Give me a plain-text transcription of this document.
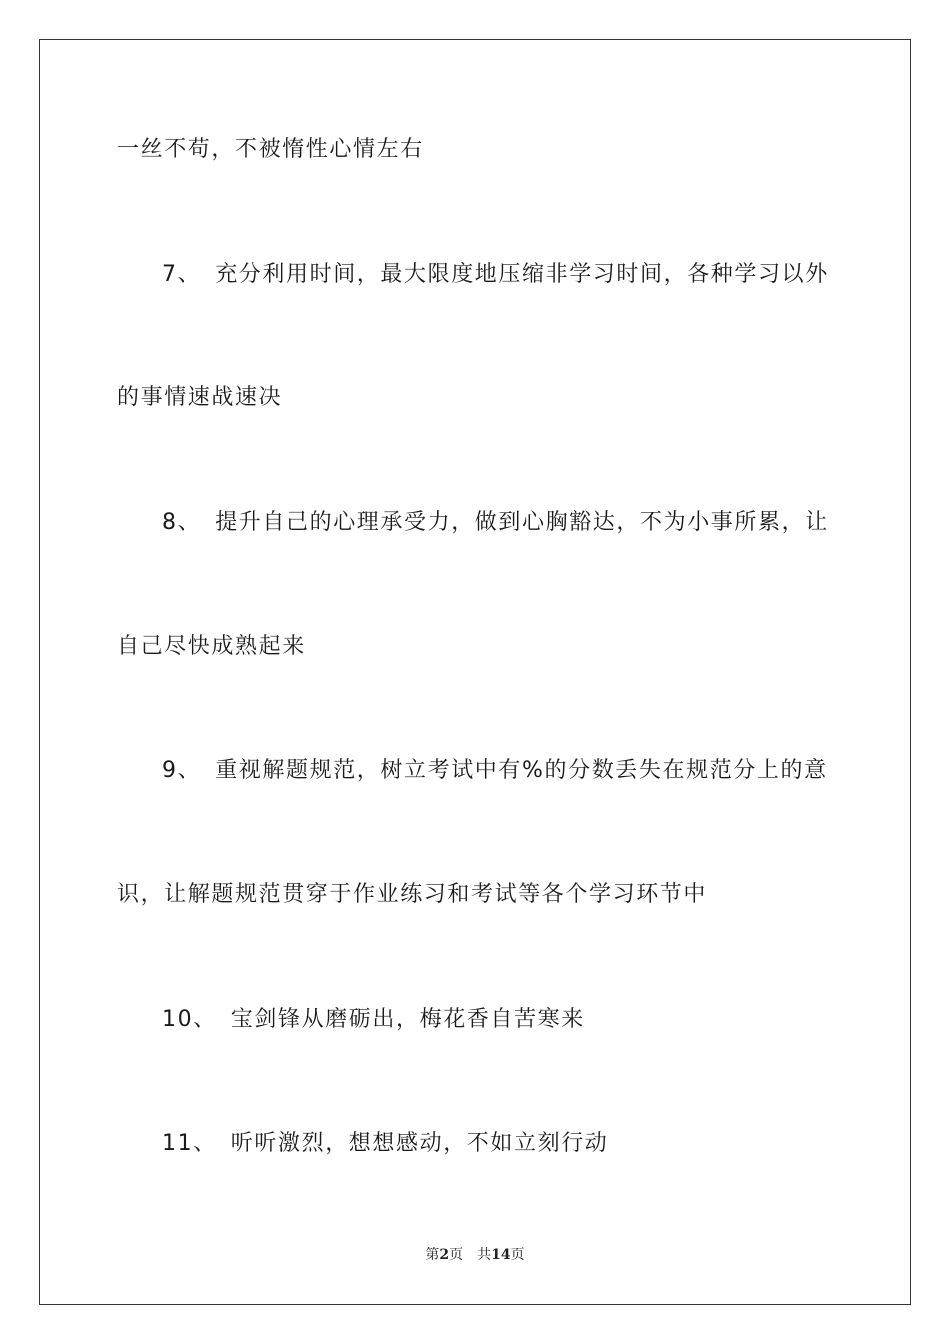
一丝不苟，不被惰性心情左右
7、 充分利用时间，最大限度地压缩非学习时间，各种学习以外
的事情速战速决
8、 提升自己的心理承受力，做到心胸豁达，不为小事所累，让
自己尽快成熟起来
9、 重视解题规范，树立考试中有%的分数丢失在规范分上的意
识，让解题规范贯穿于作业练习和考试等各个学习环节中
10、 宝剑锋从磨砺出，梅花香自苦寒来
11、 听听激烈，想想感动，不如立刻行动
第2页 共14页
